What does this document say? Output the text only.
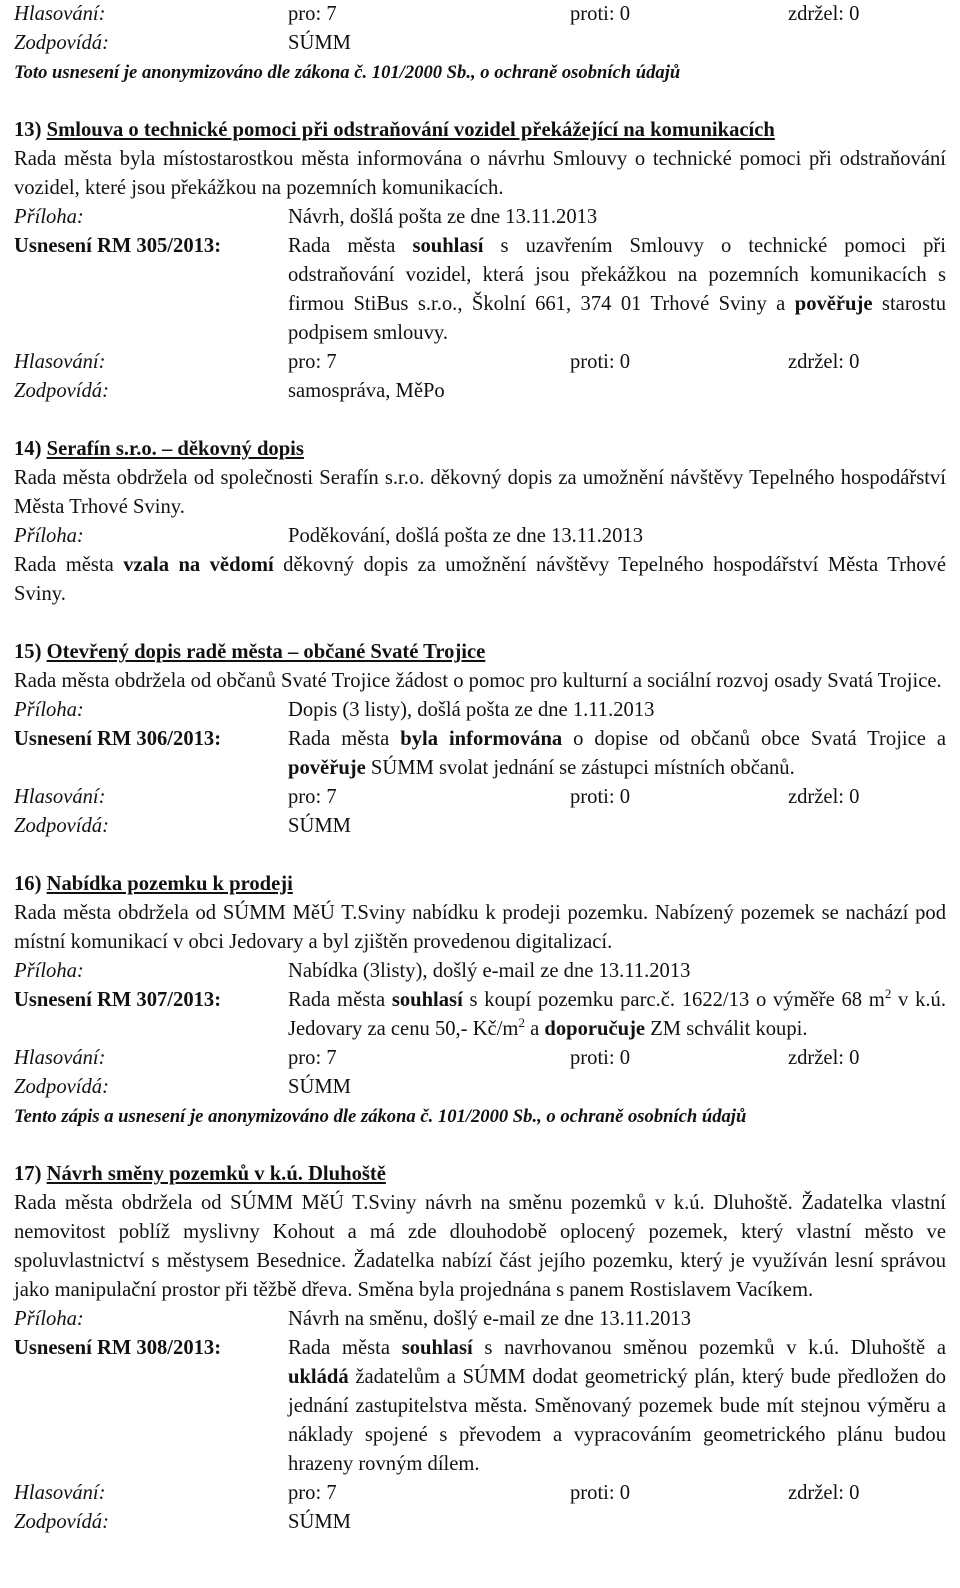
Hlasování:	pro: 7	proti: 0	zdržel: 0
Zodpovídá:	SÚMM

Toto usnesení je anonymizováno dle zákona č. 101/2000 Sb., o ochraně osobních údajů

13) Smlouva o technické pomoci při odstraňování vozidel překážející na komunikacích

Rada města byla místostarostkou města informována o návrhu Smlouvy o technické pomoci při odstraňování vozidel, které jsou překážkou na pozemních komunikacích.

Příloha:	Návrh, došlá pošta ze dne 13.11.2013
Usnesení RM 305/2013:	Rada města souhlasí s uzavřením Smlouvy o technické pomoci při odstraňování vozidel, která jsou překážkou na pozemních komunikacích s firmou StiBus s.r.o., Školní 661, 374 01 Trhové Sviny a pověřuje starostu podpisem smlouvy.
Hlasování:	pro: 7	proti: 0	zdržel: 0
Zodpovídá:	samospráva, MěPo

14) Serafín s.r.o. – děkovný dopis

Rada města obdržela od společnosti Serafín s.r.o. děkovný dopis za umožnění návštěvy Tepelného hospodářství Města Trhové Sviny.

Příloha:	Poděkování, došlá pošta ze dne 13.11.2013

Rada města vzala na vědomí děkovný dopis za umožnění návštěvy Tepelného hospodářství Města Trhové Sviny.

15) Otevřený dopis radě města – občané Svaté Trojice

Rada města obdržela od občanů Svaté Trojice žádost o pomoc pro kulturní a sociální rozvoj osady Svatá Trojice.

Příloha:	Dopis (3 listy), došlá pošta ze dne 1.11.2013
Usnesení RM 306/2013:	Rada města byla informována o dopise od občanů obce Svatá Trojice a pověřuje SÚMM svolat jednání se zástupci místních občanů.
Hlasování:	pro: 7	proti: 0	zdržel: 0
Zodpovídá:	SÚMM

16) Nabídka pozemku k prodeji

Rada města obdržela od SÚMM MěÚ T.Sviny nabídku k prodeji pozemku. Nabízený pozemek se nachází pod místní komunikací v obci Jedovary a byl zjištěn provedenou digitalizací.

Příloha:	Nabídka (3listy), došlý e-mail ze dne 13.11.2013
Usnesení RM 307/2013:	Rada města souhlasí s koupí pozemku parc.č. 1622/13 o výměře 68 $m^2$ v k.ú. Jedovary za cenu 50,- $Kč/m^2$ a doporučuje ZM schválit koupi.
Hlasování:	pro: 7	proti: 0	zdržel: 0
Zodpovídá:	SÚMM

Tento zápis a usnesení je anonymizováno dle zákona č. 101/2000 Sb., o ochraně osobních údajů

17) Návrh směny pozemků v k.ú. Dluhoště

Rada města obdržela od SÚMM MěÚ T.Sviny návrh na směnu pozemků v k.ú. Dluhoště. Žadatelka vlastní nemovitost poblíž myslivny Kohout a má zde dlouhodobě oplocený pozemek, který vlastní město ve spoluvlastnictví s městysem Besednice. Žadatelka nabízí část jejího pozemku, který je využíván lesní správou jako manipulační prostor při těžbě dřeva. Směna byla projednána s panem Rostislavem Vacíkem.

Příloha:	Návrh na směnu, došlý e-mail ze dne 13.11.2013
Usnesení RM 308/2013:	Rada města souhlasí s navrhovanou směnou pozemků v k.ú. Dluhoště a ukládá žadatelům a SÚMM dodat geometrický plán, který bude předložen do jednání zastupitelstva města. Směnovaný pozemek bude mít stejnou výměru a náklady spojené s převodem a vypracováním geometrického plánu budou hrazeny rovným dílem.
Hlasování:	pro: 7	proti: 0	zdržel: 0
Zodpovídá:	SÚMM
